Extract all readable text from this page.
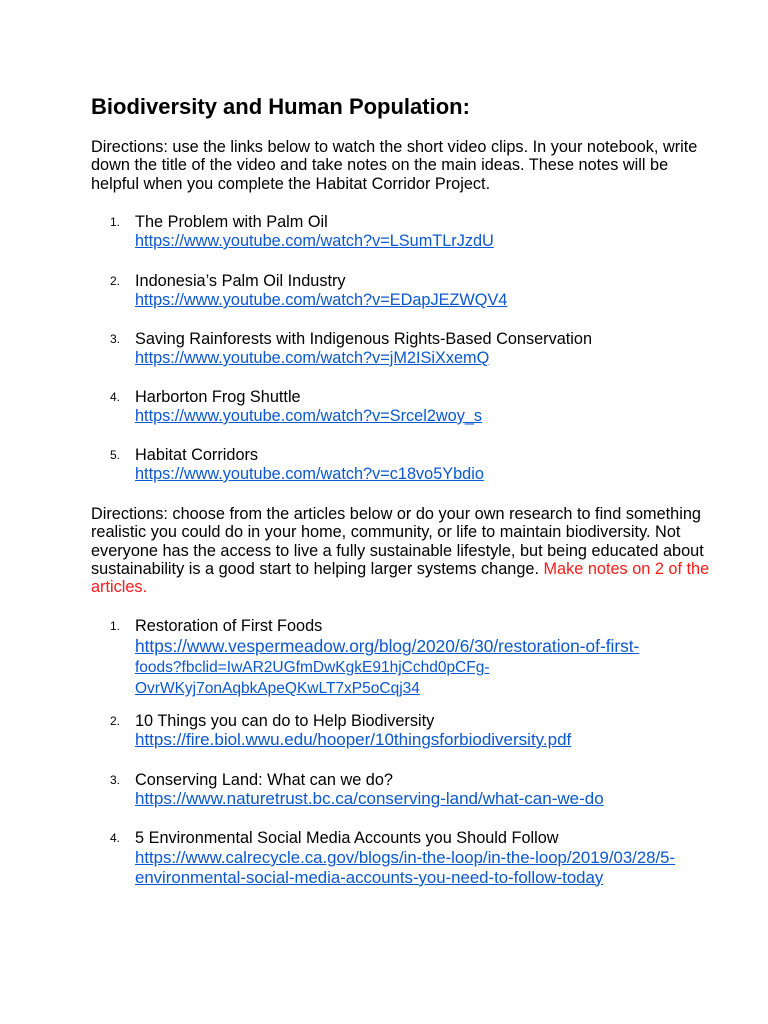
Biodiversity and Human Population:

Directions: use the links below to watch the short video clips. In your notebook, write down the title of the video and take notes on the main ideas. These notes will be helpful when you complete the Habitat Corridor Project.

1. The Problem with Palm Oil
https://www.youtube.com/watch?v=LSumTLrJzdU
2. Indonesia’s Palm Oil Industry
https://www.youtube.com/watch?v=EDapJEZWQV4
3. Saving Rainforests with Indigenous Rights-Based Conservation
https://www.youtube.com/watch?v=jM2ISiXxemQ
4. Harborton Frog Shuttle
https://www.youtube.com/watch?v=Srcel2woy_s
5. Habitat Corridors
https://www.youtube.com/watch?v=c18vo5Ybdio

Directions: choose from the articles below or do your own research to find something realistic you could do in your home, community, or life to maintain biodiversity. Not everyone has the access to live a fully sustainable lifestyle, but being educated about sustainability is a good start to helping larger systems change. Make notes on 2 of the articles.

1. Restoration of First Foods
https://www.vespermeadow.org/blog/2020/6/30/restoration-of-first-
foods?fbclid=IwAR2UGfmDwKgkE91hjCchd0pCFg-OvrWKyj7onAqbkApeQKwLT7xP5oCqj34
2. 10 Things you can do to Help Biodiversity
https://fire.biol.wwu.edu/hooper/10thingsforbiodiversity.pdf
3. Conserving Land: What can we do?
https://www.naturetrust.bc.ca/conserving-land/what-can-we-do
4. 5 Environmental Social Media Accounts you Should Follow
https://www.calrecycle.ca.gov/blogs/in-the-loop/in-the-loop/2019/03/28/5-environmental-social-media-accounts-you-need-to-follow-today
